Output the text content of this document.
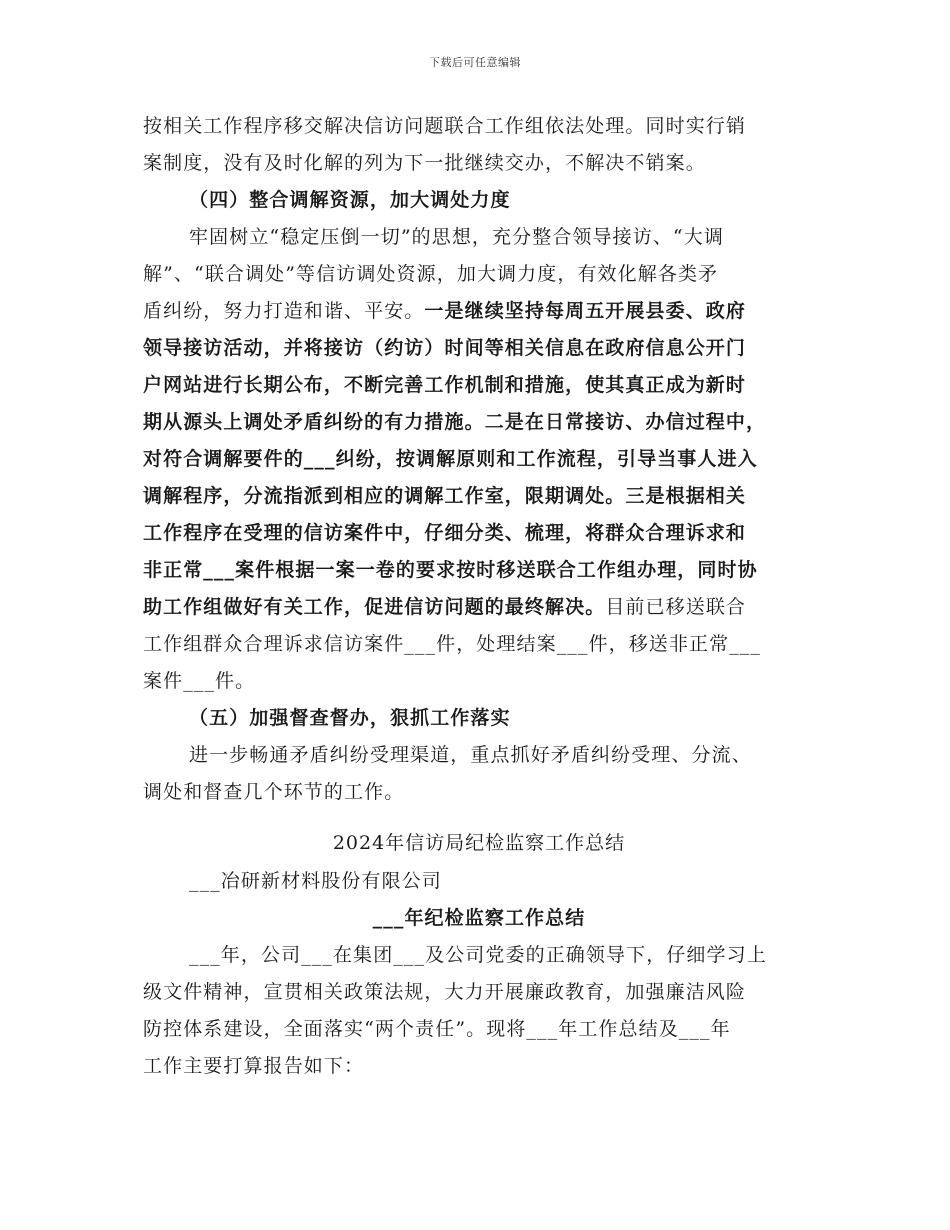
下载后可任意编辑
按相关工作程序移交解决信访问题联合工作组依法处理。同时实行销
案制度，没有及时化解的列为下一批继续交办，不解决不销案。
（四）整合调解资源，加大调处力度
牢固树立“稳定压倒一切”的思想，充分整合领导接访、“大调
解”、“联合调处”等信访调处资源，加大调力度，有效化解各类矛
盾纠纷，努力打造和谐、平安。一是继续坚持每周五开展县委、政府
领导接访活动，并将接访（约访）时间等相关信息在政府信息公开门
户网站进行长期公布，不断完善工作机制和措施，使其真正成为新时
期从源头上调处矛盾纠纷的有力措施。二是在日常接访、办信过程中，
对符合调解要件的___纠纷，按调解原则和工作流程，引导当事人进入
调解程序，分流指派到相应的调解工作室，限期调处。三是根据相关
工作程序在受理的信访案件中，仔细分类、梳理，将群众合理诉求和
非正常___案件根据一案一卷的要求按时移送联合工作组办理，同时协
助工作组做好有关工作，促进信访问题的最终解决。目前已移送联合
工作组群众合理诉求信访案件___件，处理结案___件，移送非正常___
案件___件。
（五）加强督查督办，狠抓工作落实
进一步畅通矛盾纠纷受理渠道，重点抓好矛盾纠纷受理、分流、
调处和督查几个环节的工作。
2024年信访局纪检监察工作总结
___冶研新材料股份有限公司
___年纪检监察工作总结
___年，公司___在集团___及公司党委的正确领导下，仔细学习上
级文件精神，宣贯相关政策法规，大力开展廉政教育，加强廉洁风险
防控体系建设，全面落实“两个责任”。现将___年工作总结及___年
工作主要打算报告如下：
